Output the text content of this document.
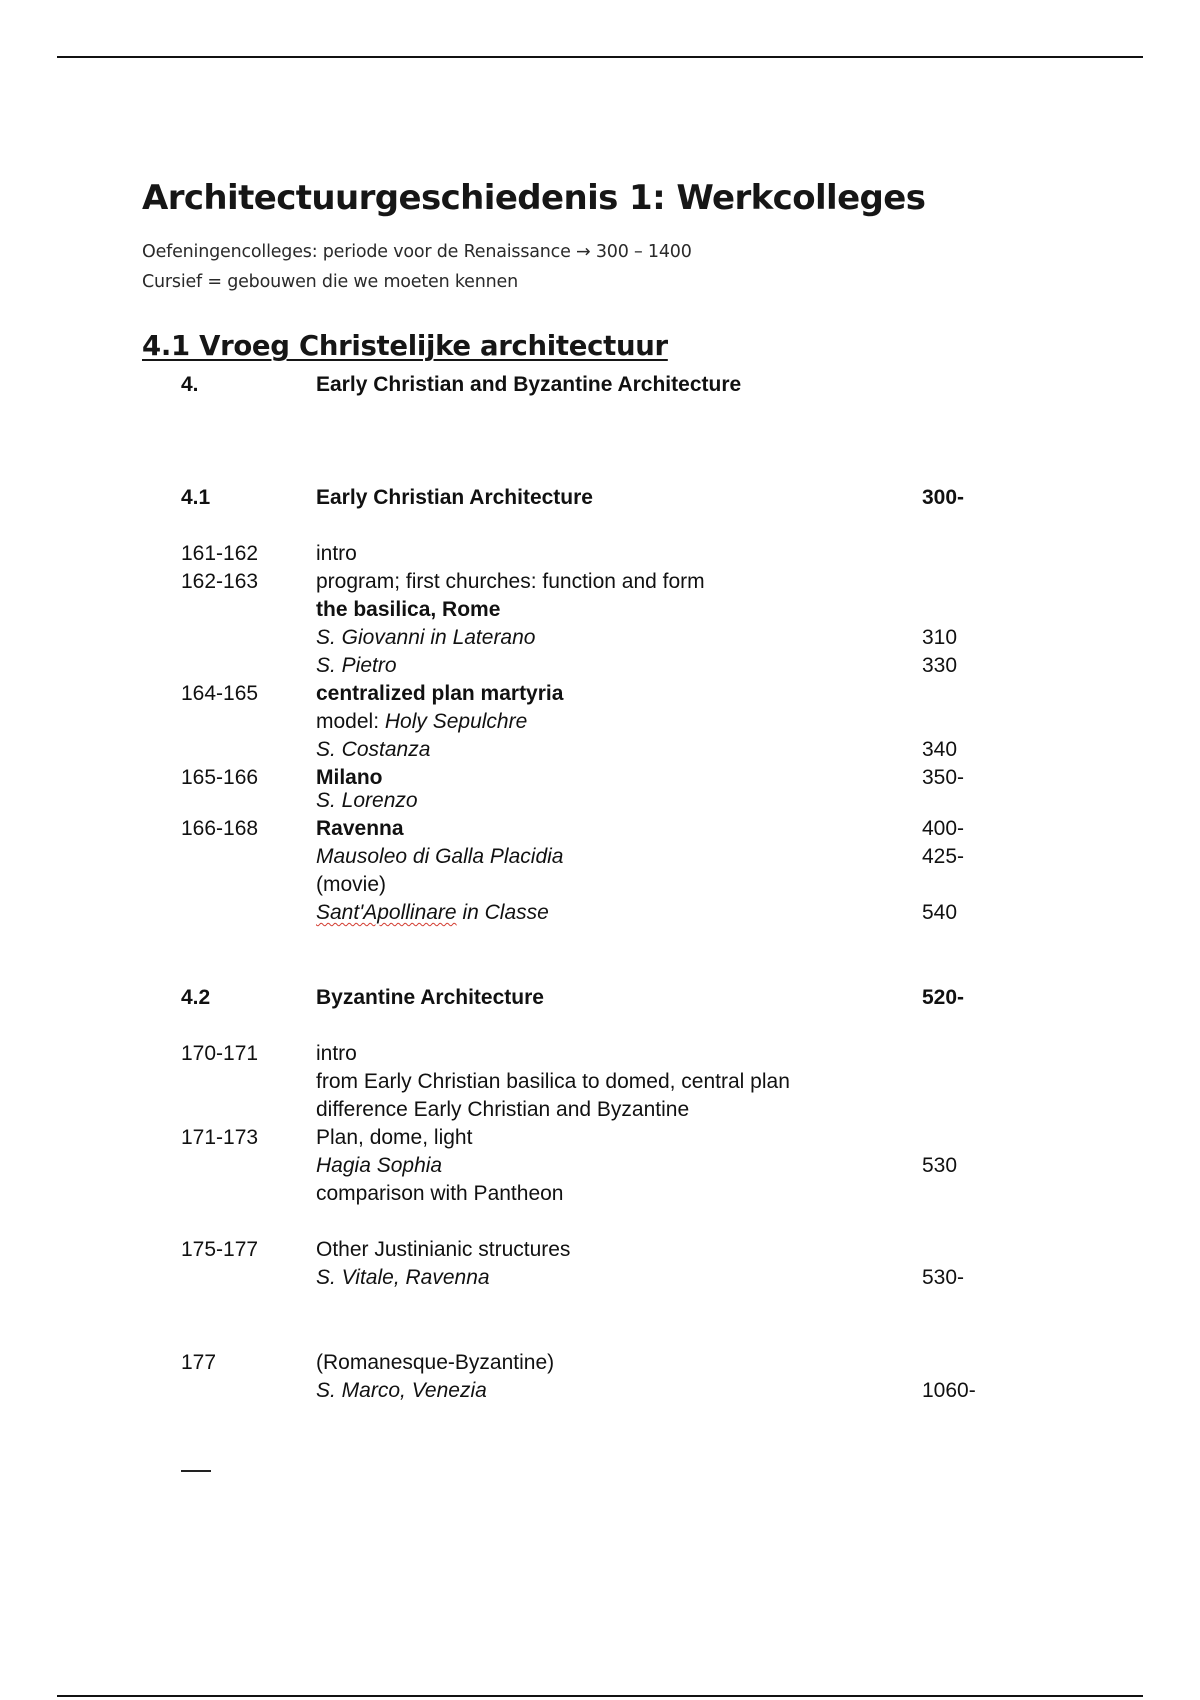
Architectuurgeschiedenis 1: Werkcolleges
Oefeningencolleges: periode voor de Renaissance → 300 – 1400
Cursief = gebouwen die we moeten kennen
4.1 Vroeg Christelijke architectuur
4.	Early Christian and Byzantine Architecture
4.1	Early Christian Architecture	300-
161-162	intro
162-163	program; first churches: function and form
the basilica, Rome
S. Giovanni in Laterano	310
S. Pietro	330
164-165	centralized plan martyria
model: Holy Sepulchre
S. Costanza	340
165-166	Milano	350-
S. Lorenzo
166-168	Ravenna	400-
Mausoleo di Galla Placidia	425-
(movie)
Sant'Apollinare in Classe	540
4.2	Byzantine Architecture	520-
170-171	intro
from Early Christian basilica to domed, central plan
difference Early Christian and Byzantine
171-173	Plan, dome, light
Hagia Sophia	530
comparison with Pantheon
175-177	Other Justinianic structures
S. Vitale, Ravenna	530-
177	(Romanesque-Byzantine)
S. Marco, Venezia	1060-
